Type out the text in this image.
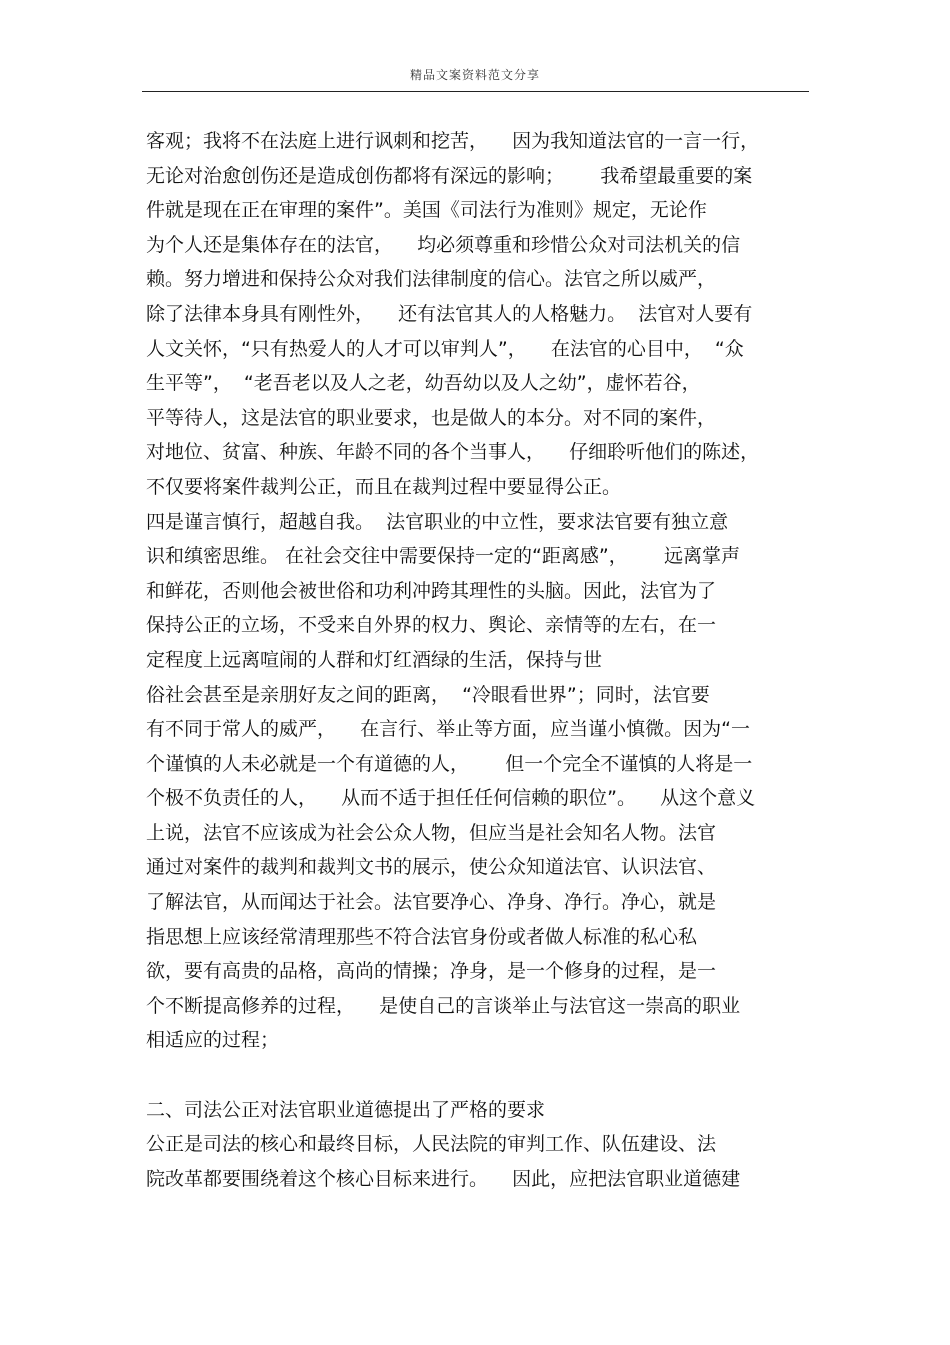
精品文案资料范文分享
客观；我将不在法庭上进行讽刺和挖苦，    因为我知道法官的一言一行，
无论对治愈创伤还是造成创伤都将有深远的影响；      我希望最重要的案
件就是现在正在审理的案件”。美国《司法行为准则》规定，无论作
为个人还是集体存在的法官，    均必须尊重和珍惜公众对司法机关的信
赖。努力增进和保持公众对我们法律制度的信心。法官之所以威严，
除了法律本身具有刚性外，    还有法官其人的人格魅力。  法官对人要有
人文关怀，“只有热爱人的人才可以审判人”，    在法官的心目中，  “众
生平等”，  “老吾老以及人之老，幼吾幼以及人之幼”，虚怀若谷，
平等待人，这是法官的职业要求，也是做人的本分。对不同的案件，
对地位、贫富、种族、年龄不同的各个当事人，    仔细聆听他们的陈述，
不仅要将案件裁判公正，而且在裁判过程中要显得公正。
四是谨言慎行，超越自我。  法官职业的中立性，要求法官要有独立意
识和缜密思维。 在社会交往中需要保持一定的“距离感”，      远离掌声
和鲜花，否则他会被世俗和功利冲跨其理性的头脑。因此，法官为了
保持公正的立场，不受来自外界的权力、舆论、亲情等的左右，在一
定程度上远离喧闹的人群和灯红酒绿的生活，保持与世
俗社会甚至是亲朋好友之间的距离，  “冷眼看世界”；同时，法官要
有不同于常人的威严，    在言行、举止等方面，应当谨小慎微。因为“一
个谨慎的人未必就是一个有道德的人，      但一个完全不谨慎的人将是一
个极不负责任的人，    从而不适于担任任何信赖的职位”。    从这个意义
上说，法官不应该成为社会公众人物，但应当是社会知名人物。法官
通过对案件的裁判和裁判文书的展示，使公众知道法官、认识法官、
了解法官，从而闻达于社会。法官要净心、净身、净行。净心，就是
指思想上应该经常清理那些不符合法官身份或者做人标准的私心私
欲，要有高贵的品格，高尚的情操；净身，是一个修身的过程，是一
个不断提高修养的过程，    是使自己的言谈举止与法官这一崇高的职业
相适应的过程；
二、司法公正对法官职业道德提出了严格的要求
公正是司法的核心和最终目标，人民法院的审判工作、队伍建设、法
院改革都要围绕着这个核心目标来进行。    因此，应把法官职业道德建
